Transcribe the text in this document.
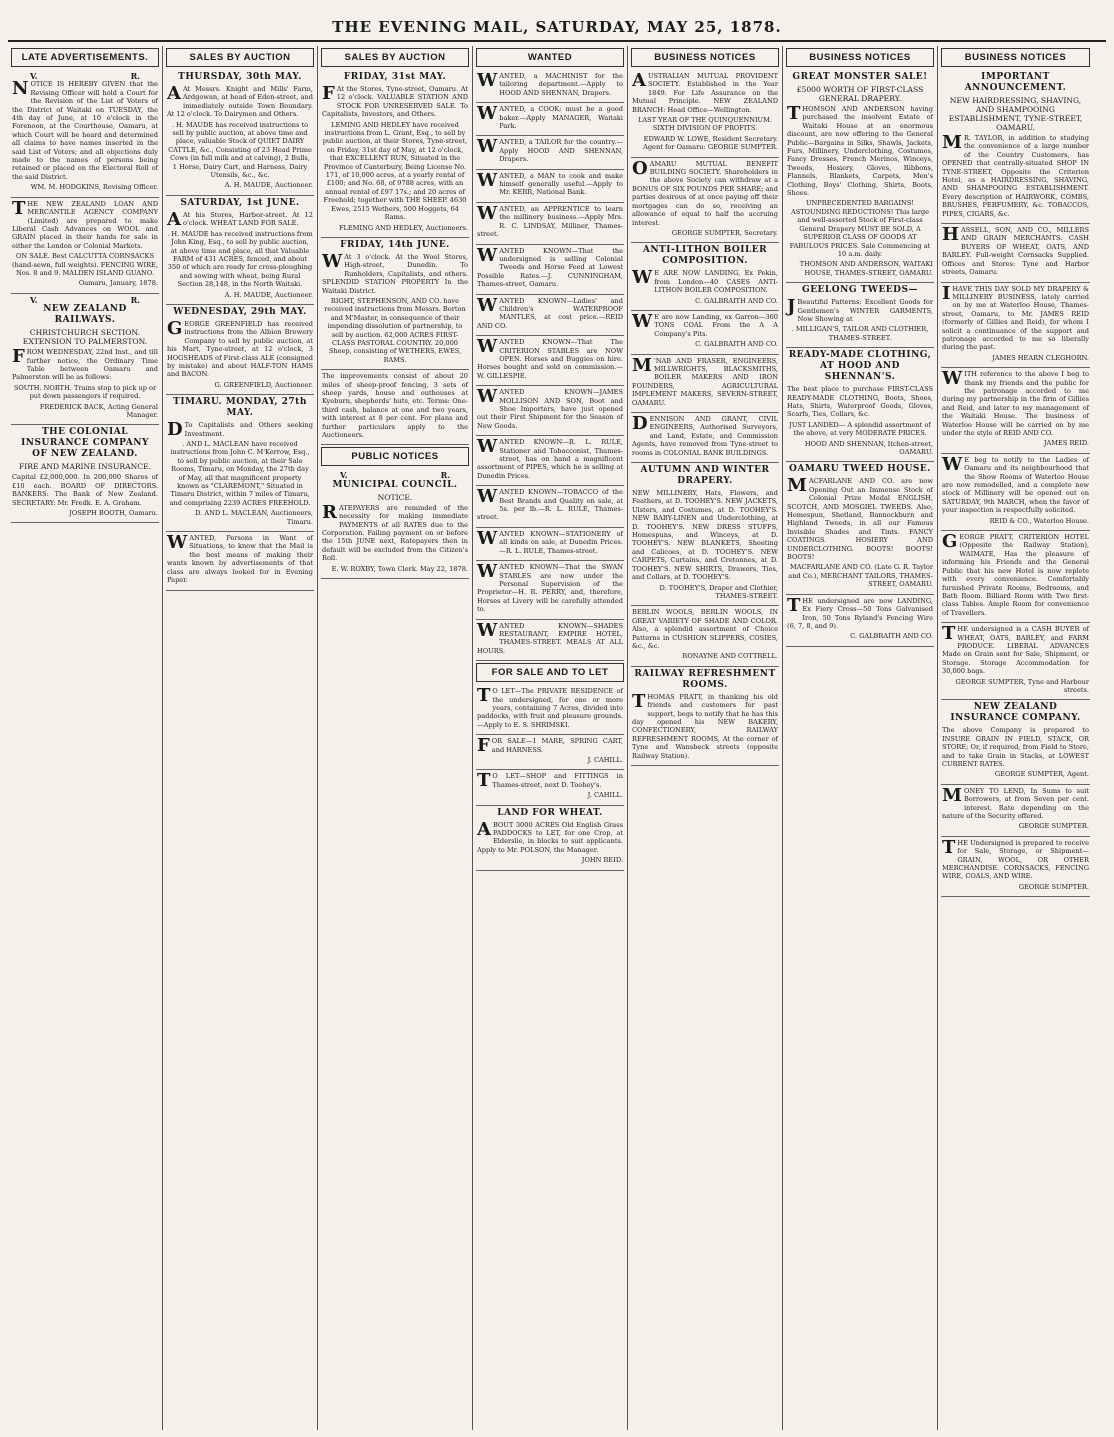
THE EVENING MAIL, SATURDAY, MAY 25, 1878.
LATE ADVERTISEMENTS.
V.	R.

NOTICE IS HEREBY GIVEN that the Revising Officer will hold a Court for the Revision of the List of Voters of the District of Waitaki on TUESDAY, the 4th day of June, at 10 o'clock in the Forenoon, at the Courthouse, Oamaru, at which Court will be heard and determined all claims to have names inserted in the said List of Voters; and all objections duly made to the names of persons being retained or placed on the Electoral Roll of the said District.

WM. M. HODGKINS, Revising Officer.

THE NEW ZEALAND LOAN AND MERCANTILE AGENCY COMPANY (Limited) are prepared to make Liberal Cash Advances on WOOL and GRAIN placed in their hands for sale in either the London or Colonial Markets.

ON SALE. Best CALCUTTA CORNSACKS (hand-sewn, full weights). FENCING WIRE, Nos. 8 and 9. MALDEN ISLAND GUANO.

Oamaru, January, 1878.

V.	R.

NEW ZEALAND RAILWAYS.

CHRISTCHURCH SECTION. EXTENSION TO PALMERSTON.

FROM WEDNESDAY, 22nd Inst., and till further notice, the Ordinary Time Table between Oamaru and Palmerston will be as follows:

SOUTH. NORTH. Trains stop to pick up or put down passengers if required.

FREDERICK BACK, Acting General Manager.

THE COLONIAL INSURANCE COMPANY OF NEW ZEALAND.

FIRE AND MARINE INSURANCE.

Capital £2,000,000. In 200,000 Shares of £10 each. BOARD OF DIRECTORS. BANKERS: The Bank of New Zealand. SECRETARY: Mr. Fredk. E. A. Graham.

JOSEPH BOOTH, Oamaru.

SALES BY AUCTION

THURSDAY, 30th MAY.

A At Messrs. Knight and Mills' Farm, Ardgowan, at head of Eden-street, and immediately outside Town Boundary. At 12 o'clock. To Dairymen and Others.

. H. MAUDE has received instructions to sell by public auction, at above time and place, valuable Stock of QUIET DAIRY CATTLE, &c., Consisting of 23 Head Prime Cows (in full milk and at calving), 2 Bulls, 1 Horse, Dairy Cart, and Harness, Dairy Utensils, &c., &c.

A. H. MAUDE, Auctioneer.

SATURDAY, 1st JUNE.

A At his Stores, Harbor-street. At 12 o'clock. WHEAT LAND FOR SALE.

. H. MAUDE has received instructions from John King, Esq., to sell by public auction, at above time and place, all that Valuable FARM of 431 ACRES, fenced, and about 350 of which are ready for cross-ploughing and sowing with wheat, being Rural Section 28,148, in the North Waitaki.

A. H. MAUDE, Auctioneer.

WEDNESDAY, 29th MAY.

GEORGE GREENFIELD has received instructions from the Albion Brewery Company to sell by public auction, at his Mart, Tyne-street, at 12 o'clock, 3 HOGSHEADS of First-class ALE (consigned by mistake) and about HALF-TON HAMS and BACON.

G. GREENFIELD, Auctioneer.

TIMARU. MONDAY, 27th MAY.

D To Capitalists and Others seeking Investment.

. AND L. MACLEAN have received instructions from John C. M'Kerrow, Esq., to sell by public auction, at their Sale Rooms, Timaru, on Monday, the 27th day of May, all that magnificent property known as "CLAREMONT," Situated in Timaru District, within 7 miles of Timaru, and comprising 2239 ACRES FREEHOLD.

D. AND L. MACLEAN, Auctioneers, Timaru.

WANTED, Persons in Want of Situations, to know that the Mail is the best means of making their wants known by advertisements of that class are always looked for in Evening Paper.

SALES BY AUCTION

FRIDAY, 31st MAY.

F At the Stores, Tyne-street, Oamaru. At 12 o'clock. VALUABLE STATION AND STOCK FOR UNRESERVED SALE. To Capitalists, Investors, and Others.

LEMING AND HEDLEY have received instructions from L. Grant, Esq., to sell by public auction, at their Stores, Tyne-street, on Friday, 31st day of May, at 12 o'clock, that EXCELLENT RUN, Situated in the Province of Canterbury, Being License No. 171, of 10,000 acres, at a yearly rental of £100; and No. 68, of 9788 acres, with an annual rental of £97 17s.; and 20 acres of Freehold; together with THE SHEEP. 4630 Ewes, 2515 Wethers, 500 Hoggets, 64 Rams.

FLEMING AND HEDLEY, Auctioneers.

FRIDAY, 14th JUNE.

W At 3 o'clock. At the Wool Stores, High-street, Dunedin. To Runholders, Capitalists, and others. SPLENDID STATION PROPERTY In the Waitaki District.

RIGHT, STEPHENSON, AND CO. have received instructions from Messrs. Borton and M'Master, in consequence of their impending dissolution of partnership, to sell by auction. 62,000 ACRES FIRST-CLASS PASTORAL COUNTRY. 20,000 Sheep, consisting of WETHERS, EWES, RAMS.

The improvements consist of about 20 miles of sheep-proof fencing, 3 sets of sheep yards, house and outhouses at Kyeburn, shepherds' huts, etc. Terms: One-third cash, balance at one and two years, with interest at 8 per cent. For plans and further particulars apply to the Auctioneers.

PUBLIC NOTICES
V.	R.

MUNICIPAL COUNCIL.

NOTICE.

RATEPAYERS are reminded of the necessity for making immediate PAYMENTS of all RATES due to the Corporation. Failing payment on or before the 15th JUNE next, Ratepayers then in default will be excluded from the Citizen's Roll.

E. W. ROXBY, Town Clerk. May 22, 1878.

WANTED

WANTED, a MACHINIST for the tailoring department.—Apply to HOOD AND SHENNAN, Drapers.

WANTED, a COOK; must be a good baker.—Apply MANAGER, Waitaki Park.

WANTED, a TAILOR for the country.—Apply HOOD AND SHENNAN, Drapers.

WANTED, a MAN to cook and make himself generally useful.—Apply to Mr. KERR, National Bank.

WANTED, an APPRENTICE to learn the millinery business.—Apply Mrs. R. C. LINDSAY, Milliner, Thames-street.

WANTED KNOWN—That the undersigned is selling Colonial Tweeds and Horse Feed at Lowest Possible Rates.—J. CUNNINGHAM, Thames-street, Oamaru.

WANTED KNOWN—Ladies' and Children's WATERPROOF MANTLES, at cost price.—REID AND CO.

WANTED KNOWN—That The CRITERION STABLES are NOW OPEN. Horses and Buggies on hire. Horses bought and sold on commission.—W. GILLESPIE.

WANTED KNOWN—JAMES MOLLISON AND SON, Boot and Shoe Importers, have just opened out their First Shipment for the Season of New Goods.

WANTED KNOWN—R. L. RULE, Stationer and Tobacconist, Thames-street, has on hand a magnificent assortment of PIPES, which he is selling at Dunedin Prices.

WANTED KNOWN—TOBACCO of the Best Brands and Quality on sale, at 5s. per lb.—R. L. RULE, Thames-street.

WANTED KNOWN—STATIONERY of all kinds on sale, at Dunedin Prices.—R. L. RULE, Thames-street.

WANTED KNOWN—That the SWAN STABLES are now under the Personal Supervision of the Proprietor—H. R. PERRY, and, therefore, Horses at Livery will be carefully attended to.

WANTED KNOWN—SHADES RESTAURANT, EMPIRE HOTEL, THAMES-STREET. MEALS AT ALL HOURS.

FOR SALE AND TO LET

T O LET—The PRIVATE RESIDENCE of the undersigned, for one or more years, containing 7 Acres, divided into paddocks, with fruit and pleasure grounds.—Apply to E. S. SHRIMSKI.

FOR SALE—1 MARE, SPRING CART, and HARNESS.

J. CAHILL.

T O LET—SHOP and FITTINGS in Thames-street, next D. Toohey's.

J. CAHILL.

LAND FOR WHEAT.

ABOUT 3000 ACRES Old English Grass PADDOCKS to LET, for one Crop, at Elderslie, in blocks to suit applicants. Apply to Mr. POLSON, the Manager.

JOHN REID.

BUSINESS NOTICES

AUSTRALIAN MUTUAL PROVIDENT SOCIETY. Established in the Year 1849. For Life Assurance on the Mutual Principle. NEW ZEALAND BRANCH: Head Office—Wellington.

LAST YEAR OF THE QUINQUENNIUM. SIXTH DIVISION OF PROFITS.

EDWARD W. LOWE, Resident Secretary. Agent for Oamaru: GEORGE SUMPTER.

OAMARU MUTUAL BENEFIT BUILDING SOCIETY. Shareholders in the above Society can withdraw at a BONUS OF SIX POUNDS PER SHARE; and parties desirous of at once paying off their mortgages can do so, receiving an allowance of equal to half the accruing interest.

GEORGE SUMPTER, Secretary.

ANTI-LITHON BOILER COMPOSITION.

W E ARE NOW LANDING, Ex Pekin, from London—40 CASES ANTI-LITHON BOILER COMPOSITION.

C. GALBRAITH AND CO.

W E are now Landing, ex Garron—360 TONS COAL From the A A Company's Pits.

C. GALBRAITH AND CO.

M 'NAB AND FRASER, ENGINEERS, MILLWRIGHTS, BLACKSMITHS, BOILER MAKERS AND IRON FOUNDERS, AGRICULTURAL IMPLEMENT MAKERS, SEVERN-STREET, OAMARU.

DENNISON AND GRANT, CIVIL ENGINEERS, Authorised Surveyors, and Land, Estate, and Commission Agents, have removed from Tyne-street to rooms in COLONIAL BANK BUILDINGS.

AUTUMN AND WINTER DRAPERY.

NEW MILLINERY, Hats, Flowers, and Feathers, at D. TOOHEY'S. NEW JACKETS, Ulsters, and Costumes, at D. TOOHEY'S. NEW BABY-LINEN and Underclothing, at D. TOOHEY'S. NEW DRESS STUFFS, Homespuns, and Winceys, at D. TOOHEY'S. NEW BLANKETS, Sheeting and Calicoes, at D. TOOHEY'S. NEW CARPETS, Curtains, and Cretonnes, at D. TOOHEY'S. NEW SHIRTS, Drawers, Ties, and Collars, at D. TOOHEY'S.

D. TOOHEY'S, Draper and Clothier, THAMES-STREET.

BERLIN WOOLS, BERLIN WOOLS, IN GREAT VARIETY OF SHADE AND COLOR. Also, a splendid assortment of Choice Patterns in CUSHION SLIPPERS, COSIES, &c., &c.

RONAYNE AND COTTRELL.

RAILWAY REFRESHMENT ROOMS.

THOMAS PRATT, in thanking his old friends and customers for past support, begs to notify that he has this day opened his NEW BAKERY, CONFECTIONERY, RAILWAY REFRESHMENT ROOMS, At the corner of Tyne and Wansbeck streets (opposite Railway Station).

BUSINESS NOTICES

GREAT MONSTER SALE!

£5000 WORTH OF FIRST-CLASS GENERAL DRAPERY.

THOMSON AND ANDERSON having purchased the insolvent Estate of Waitaki House at an enormous discount, are now offering to the General Public—Bargains in Silks, Shawls, Jackets, Furs, Millinery, Underclothing, Costumes, Fancy Dresses, French Merinos, Winceys, Tweeds, Hosiery, Gloves, Ribbons, Flannels, Blankets, Carpets, Men's Clothing, Boys' Clothing, Shirts, Boots, Shoes.

UNPRECEDENTED BARGAINS! ASTOUNDING REDUCTIONS! This large and well-assorted Stock of First-class General Drapery MUST BE SOLD, A SUPERIOR CLASS OF GOODS AT FABULOUS PRICES. Sale Commencing at 10 a.m. daily.

THOMSON AND ANDERSON, WAITAKI HOUSE, THAMES-STREET, OAMARU.

GEELONG TWEEDS—

J Beautiful Patterns: Excellent Goods for Gentlemen's WINTER GARMENTS, Now Showing at

. MILLIGAN'S, TAILOR AND CLOTHIER, THAMES-STREET.

READY-MADE CLOTHING, AT HOOD AND SHENNAN'S.

The best place to purchase FIRST-CLASS READY-MADE CLOTHING, Boots, Shoes, Hats, Shirts, Waterproof Goods, Gloves, Scarfs, Ties, Collars, &c.

JUST LANDED— A splendid assortment of the above, at very MODERATE PRICES.

HOOD AND SHENNAN, Itchen-street, OAMARU.

OAMARU TWEED HOUSE.

MACFARLANE AND CO. are now Opening Out an Immense Stock of Colonial Prize Medal ENGLISH, SCOTCH, AND MOSGIEL TWEEDS. Also, Homespun, Shetland, Bannockburn and Highland Tweeds, in all our Famous Invisible Shades and Tints. FANCY COATINGS. HOSIERY AND UNDERCLOTHING. BOOTS! BOOTS! BOOTS!

MACFARLANE AND CO. (Late G. R. Taylor and Co.), MERCHANT TAILORS, THAMES-STREET, OAMARU.

THE undersigned are now LANDING, Ex Fiery Cross—50 Tons Galvanised Iron, 50 Tons Ryland's Fencing Wire (6, 7, 8, and 9).

C. GALBRAITH AND CO.

BUSINESS NOTICES

IMPORTANT ANNOUNCEMENT.

NEW HAIRDRESSING, SHAVING, AND SHAMPOOING ESTABLISHMENT, TYNE-STREET, OAMARU.

M R. TAYLOR, in addition to studying the convenience of a large number of the Country Customers, has OPENED that centrally-situated SHOP IN TYNE-STREET, Opposite the Criterion Hotel, as a HAIRDRESSING, SHAVING, AND SHAMPOOING ESTABLISHMENT. Every description of HAIRWORK, COMBS, BRUSHES, PERFUMERY, &c. TOBACCOS, PIPES, CIGARS, &c.

HASSELL, SON, AND CO., MILLERS AND GRAIN MERCHANTS. CASH BUYERS OF WHEAT, OATS, AND BARLEY. Full-weight Cornsacks Supplied. Offices and Stores: Tyne and Harbor streets, Oamaru.

IHAVE THIS DAY SOLD MY DRAPERY & MILLINERY BUSINESS, lately carried on by me at Waterloo House, Thames-street, Oamaru, to Mr. JAMES REID (formerly of Gillies and Reid), for whom I solicit a continuance of the support and patronage accorded to me so liberally during the past.

JAMES HEARN CLEGHORN.

WITH reference to the above I beg to thank my friends and the public for the patronage accorded to me during my partnership in the firm of Gillies and Reid, and later to my management of the Waitaki House. The business of Waterloo House will be carried on by me under the style of REID AND CO.

JAMES REID.

W E beg to notify to the Ladies of Oamaru and its neighbourhood that the Show Rooms of Waterloo House are now remodelled, and a complete new stock of Millinery will be opened out on SATURDAY, 9th MARCH, when the favor of your inspection is respectfully solicited.

REID & CO., Waterloo House.

GEORGE PRATT, CRITERION HOTEL (Opposite the Railway Station), WAIMATE, Has the pleasure of informing his Friends and the General Public that his new Hotel is now replete with every convenience. Comfortably furnished Private Rooms, Bedrooms, and Bath Room. Billiard Room with Two first-class Tables. Ample Room for convenience of Travellers.

THE undersigned is a CASH BUYER of WHEAT, OATS, BARLEY, and FARM PRODUCE. LIBERAL ADVANCES Made on Grain sent for Sale, Shipment, or Storage. Storage Accommodation for 30,000 bags.

GEORGE SUMPTER, Tyne and Harbour streets.

NEW ZEALAND INSURANCE COMPANY.

The above Company is prepared to INSURE GRAIN IN FIELD, STACK, OR STORE; Or, if required, from Field to Store, and to take Grain in Stacks, at LOWEST CURRENT RATES.

GEORGE SUMPTER, Agent.

MONEY TO LEND, In Sums to suit Borrowers, at from Seven per cent. interest. Rate depending on the nature of the Security offered.

GEORGE SUMPTER.

THE Undersigned is prepared to receive for Sale, Storage, or Shipment—GRAIN, WOOL, OR OTHER MERCHANDISE. CORNSACKS, FENCING WIRE, COALS, AND WIRE.

GEORGE SUMPTER.
